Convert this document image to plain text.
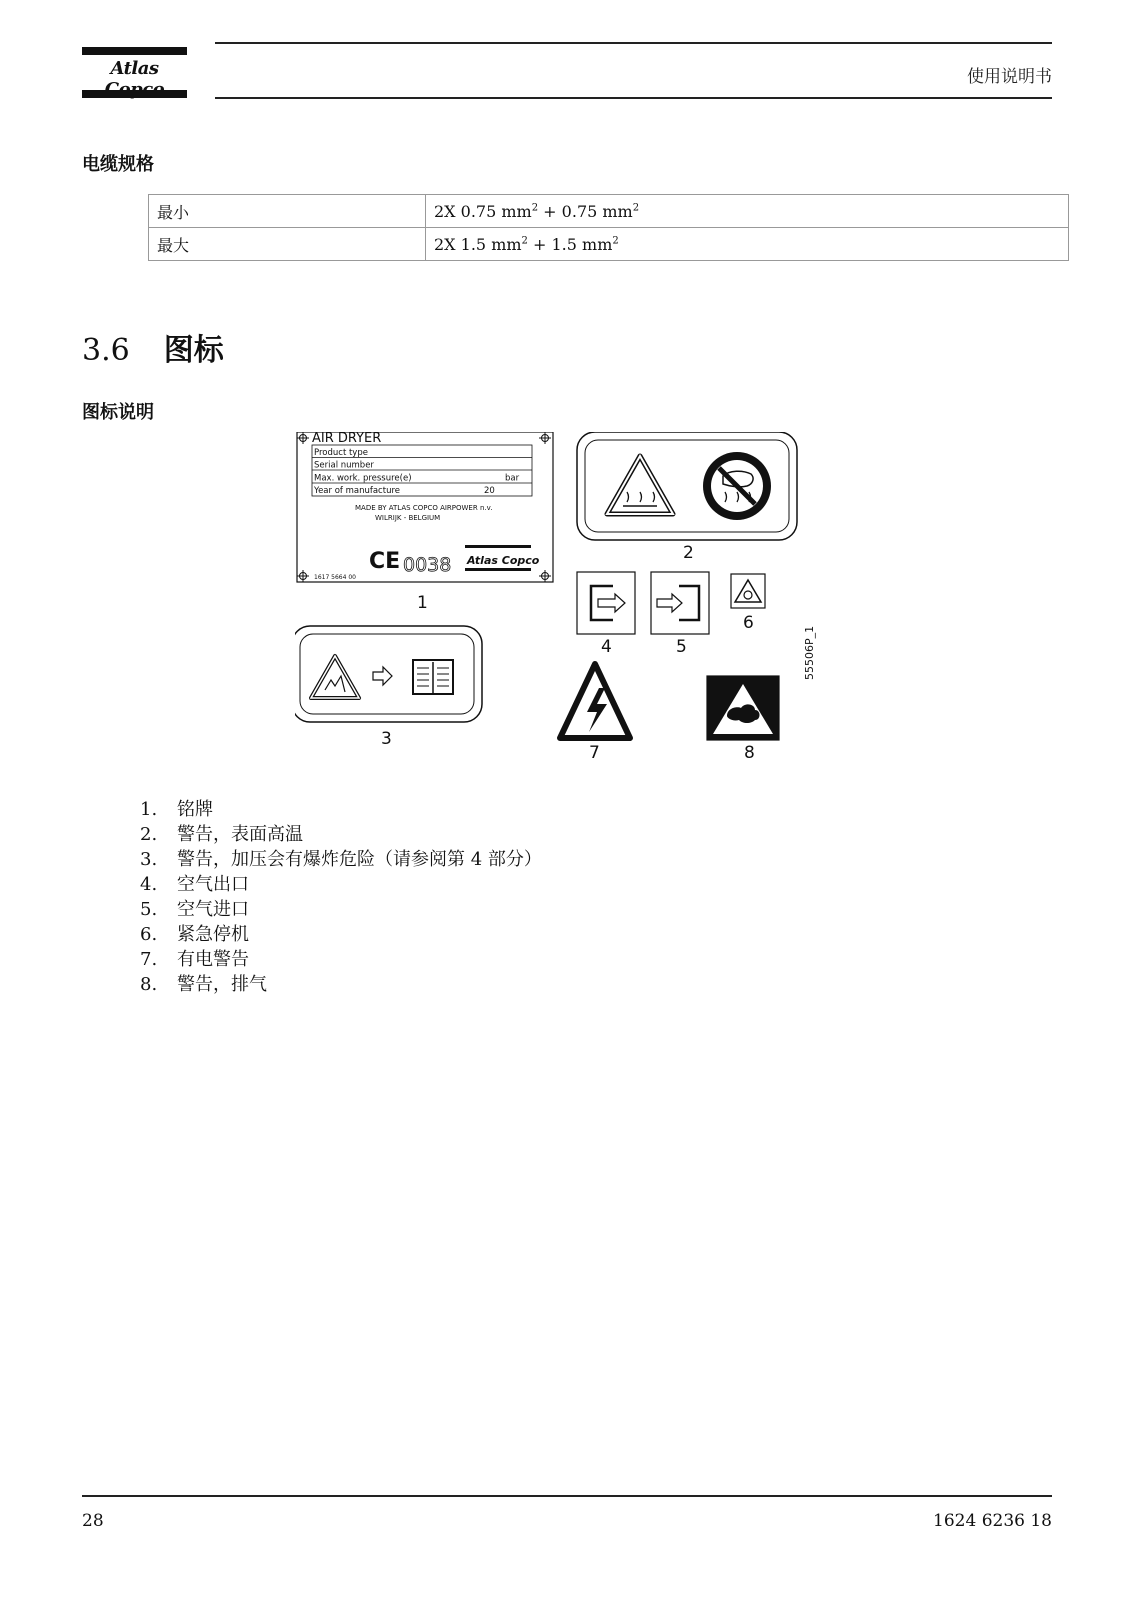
Atlas	使用说明书
电缆规格
最小	2X 0.75 $mm^2 + 0.75$ $mm^2$
最大	2X 1.5 $mm^2 + 1.5$ $mm^2$
3.6 图标
图标说明
AIR DRYER
Product type
Serial number
Max. work. pressure(e)	bar
Year of manufacture	20
MADE BY ATLAS COPCO AIRPOWER n.v.
WILRIJK - BELGIUM
CE 0038 Atlas Copco
1617 5664 00
1
2
4	5
6
55506P_1
3
7	8
1. 铭牌
2. 警告，表面高温
3. 警告，加压会有爆炸危险（请参阅第 4 部分）
4. 空气出口
5. 空气进口
6. 紧急停机
7. 有电警告
8. 警告，排气
28	1624 6236 18
